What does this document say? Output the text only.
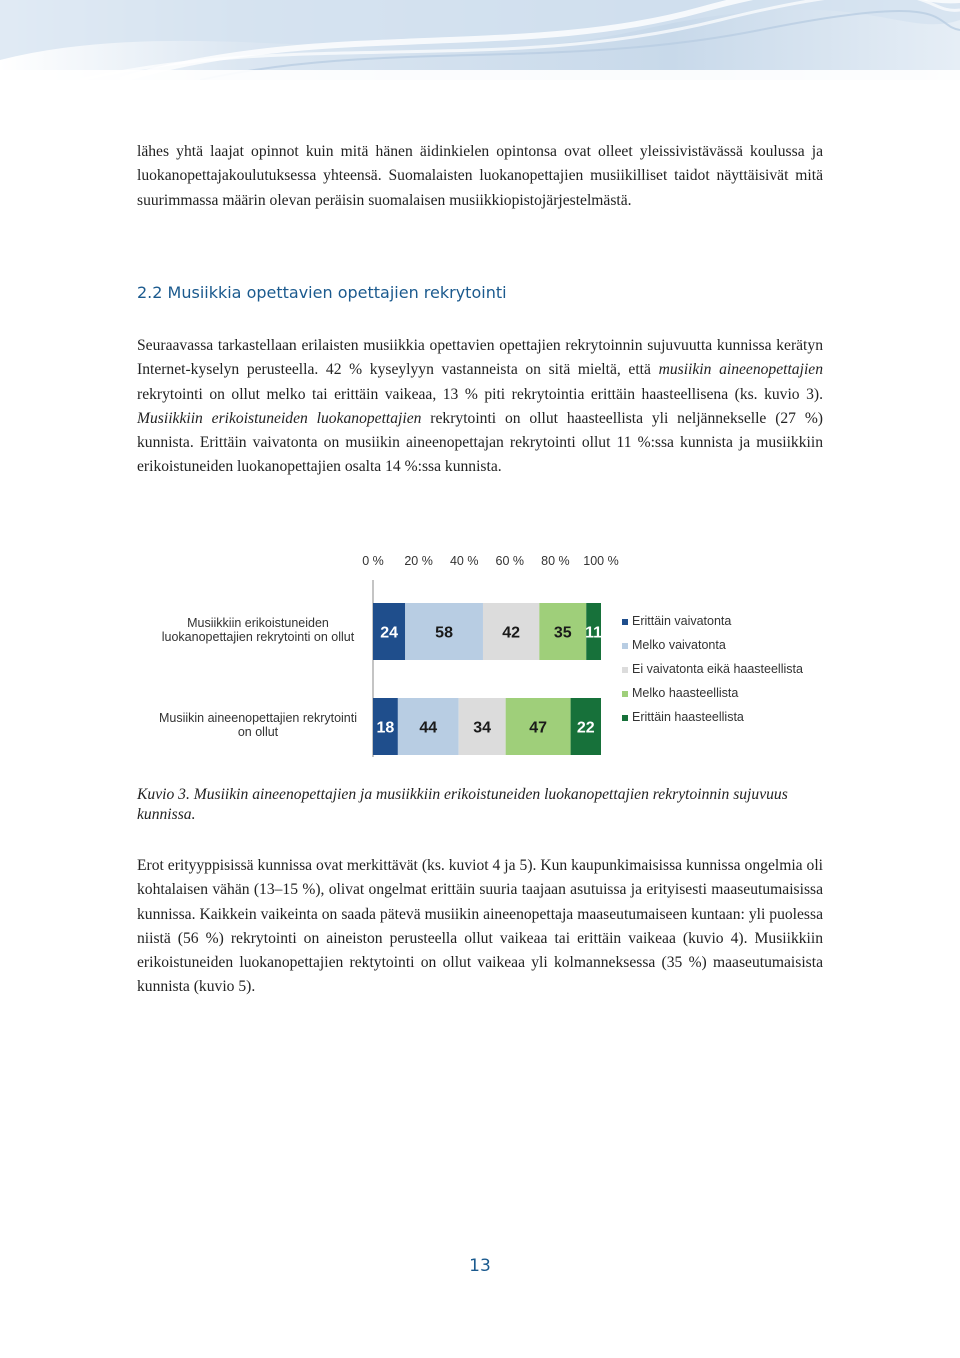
lähes yhtä laajat opinnot kuin mitä hänen äidinkielen opintonsa ovat olleet yleissivistävässä koulussa ja luokanopettajakoulutuksessa yhteensä. Suomalaisten luokanopettajien musiikilliset taidot näyttäisivät mitä suurimmassa määrin olevan peräisin suomalaisen musiikkiopistojärjestelmästä.

2.2 Musiikkia opettavien opettajien rekrytointi

Seuraavassa tarkastellaan erilaisten musiikkia opettavien opettajien rekrytoinnin sujuvuutta kunnissa kerätyn Internet-kyselyn perusteella. 42 % kyseylyyn vastanneista on sitä mieltä, että musiikin aineenopettajien rekrytointi on ollut melko tai erittäin vaikeaa, 13 % piti rekrytointia erittäin haasteellisena (ks. kuvio 3). Musiikkiin erikoistuneiden luokanopettajien rekrytointi on ollut haasteellista yli neljännekselle (27 %) kunnista. Erittäin vaivatonta on musiikin aineenopettajan rekrytointi ollut 11 %:ssa kunnista ja musiikkiin erikoistuneiden luokanopettajien osalta 14 %:ssa kunnista.

0 % 20 % 40 % 60 % 80 % 100 %
Musiikkiin erikoistuneiden
luokanopettajien rekrytointi on ollut
Musiikin aineenopettajien rekrytointi
on ollut
24 58	42 35 11
18 44 34 47 22
Erittäin vaivatonta
Melko vaivatonta
Ei vaivatonta eikä haasteellista
Melko haasteellista
Erittäin haasteellista

Kuvio 3. Musiikin aineenopettajien ja musiikkiin erikoistuneiden luokanopettajien rekrytoinnin sujuvuus kunnissa.

Erot erityyppisissä kunnissa ovat merkittävät (ks. kuviot 4 ja 5). Kun kaupunkimaisissa kunnissa ongelmia oli kohtalaisen vähän (13–15 %), olivat ongelmat erittäin suuria taajaan asutuissa ja erityisesti maaseutumaisissa kunnissa. Kaikkein vaikeinta on saada pätevä musiikin aineenopettaja maaseutumaiseen kuntaan: yli puolessa niistä (56 %) rekrytointi on aineiston perusteella ollut vaikeaa tai erittäin vaikeaa (kuvio 4). Musiikkiin erikoistuneiden luokanopettajien rektytointi on ollut vaikeaa yli kolmanneksessa (35 %) maaseutumaisista kunnista (kuvio 5).

13
